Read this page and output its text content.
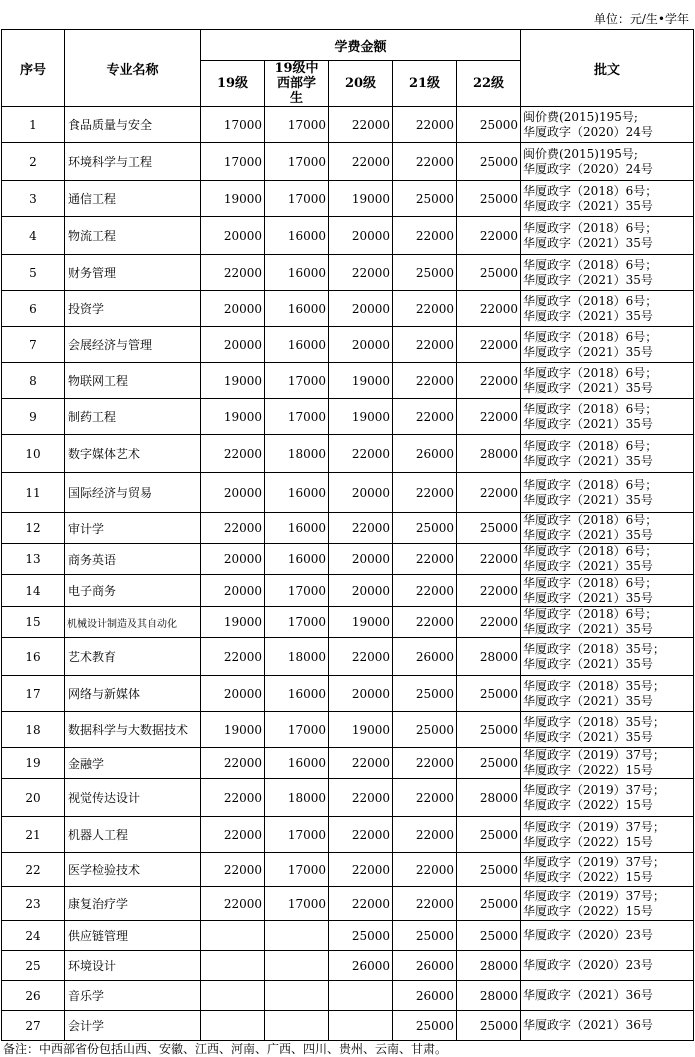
单位：元/生•学年
序号	专业名称	学费金额					批文
		19级	19级中西部学生	20级	21级	22级	
1	食品质量与安全	17000	17000	22000	22000	25000	闽价费(2015)195号;
华厦政字（2020）24号

2	环境科学与工程	17000	17000	22000	22000	25000	闽价费(2015)195号;
华厦政字（2020）24号

3	通信工程	19000	17000	19000	25000	25000	华厦政字（2018）6号；
华厦政字（2021）35号

4	物流工程	20000	16000	20000	22000	22000	华厦政字（2018）6号；
华厦政字（2021）35号

5	财务管理	22000	16000	22000	25000	25000	华厦政字（2018）6号；
华厦政字（2021）35号

6	投资学	20000	16000	20000	22000	22000	华厦政字（2018）6号；
华厦政字（2021）35号

7	会展经济与管理	20000	16000	20000	22000	22000	华厦政字（2018）6号；
华厦政字（2021）35号

8	物联网工程	19000	17000	19000	22000	22000	华厦政字（2018）6号；
华厦政字（2021）35号

9	制药工程	19000	17000	19000	22000	22000	华厦政字（2018）6号；
华厦政字（2021）35号

10	数字媒体艺术	22000	18000	22000	26000	28000	华厦政字（2018）6号；
华厦政字（2021）35号

11	国际经济与贸易	20000	16000	20000	22000	22000	华厦政字（2018）6号；
华厦政字（2021）35号

12	审计学	22000	16000	22000	25000	25000	华厦政字（2018）6号；
华厦政字（2021）35号

13	商务英语	20000	16000	20000	22000	22000	华厦政字（2018）6号；
华厦政字（2021）35号

14	电子商务	20000	17000	20000	22000	22000	华厦政字（2018）6号；
华厦政字（2021）35号

15	机械设计制造及其自动化	19000	17000	19000	22000	22000	华厦政字（2018）6号；
华厦政字（2021）35号

16	艺术教育	22000	18000	22000	26000	28000	华厦政字（2018）35号；
华厦政字（2021）35号

17	网络与新媒体	20000	16000	20000	25000	25000	华厦政字（2018）35号；
华厦政字（2021）35号

18	数据科学与大数据技术	19000	17000	19000	25000	25000	华厦政字（2018）35号；
华厦政字（2021）35号

19	金融学	22000	16000	22000	22000	25000	华厦政字（2019）37号；
华厦政字（2022）15号

20	视觉传达设计	22000	18000	22000	22000	28000	华厦政字（2019）37号；
华厦政字（2022）15号

21	机器人工程	22000	17000	22000	22000	25000	华厦政字（2019）37号；
华厦政字（2022）15号

22	医学检验技术	22000	17000	22000	22000	25000	华厦政字（2019）37号；
华厦政字（2022）15号

23	康复治疗学	22000	17000	22000	22000	25000	华厦政字（2019）37号；
华厦政字（2022）15号

24	供应链管理			25000	25000	25000	华厦政字（2020）23号

25	环境设计			26000	26000	28000	华厦政字（2020）23号

26	音乐学				26000	28000	华厦政字（2021）36号

27	会计学				25000	25000	华厦政字（2021）36号
备注：中西部省份包括山西、安徽、江西、河南、广西、四川、贵州、云南、甘肃。
